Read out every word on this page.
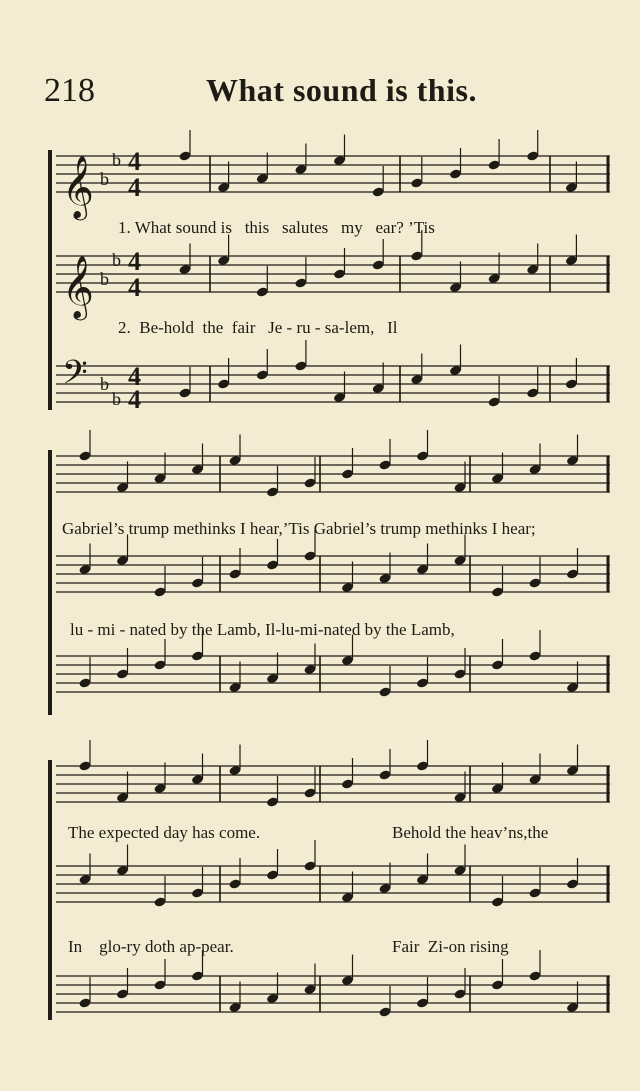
218	What sound is this.
𝄞 b
b
4
4
𝄞 b
b
4
4
𝄢 b
b
4
4
1. What sound is   this   salutes   my   ear? ’Tis
2.  Be-hold  the  fair   Je - ru - sa-lem,   Il
Gabriel’s trump methinks I hear,’Tis Gabriel’s trump methinks I hear;
lu - mi - nated by the Lamb, Il-lu-mi-nated by the Lamb,
The expected day has come.	Behold the heav’ns,the
In    glo-ry doth ap-pear.	Fair  Zi-on rising
